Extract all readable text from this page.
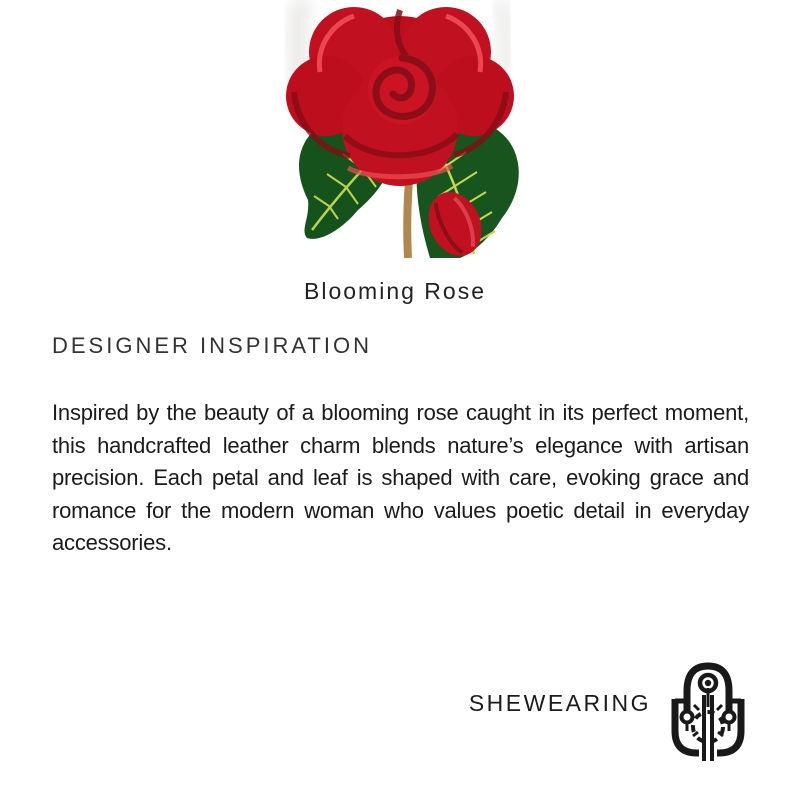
Blooming Rose
DESIGNER INSPIRATION

Inspired by the beauty of a blooming rose caught in its perfect moment, this handcrafted leather charm blends nature’s elegance with artisan precision. Each petal and leaf is shaped with care, evoking grace and romance for the modern woman who values poetic detail in everyday accessories.

SHEWEARING
